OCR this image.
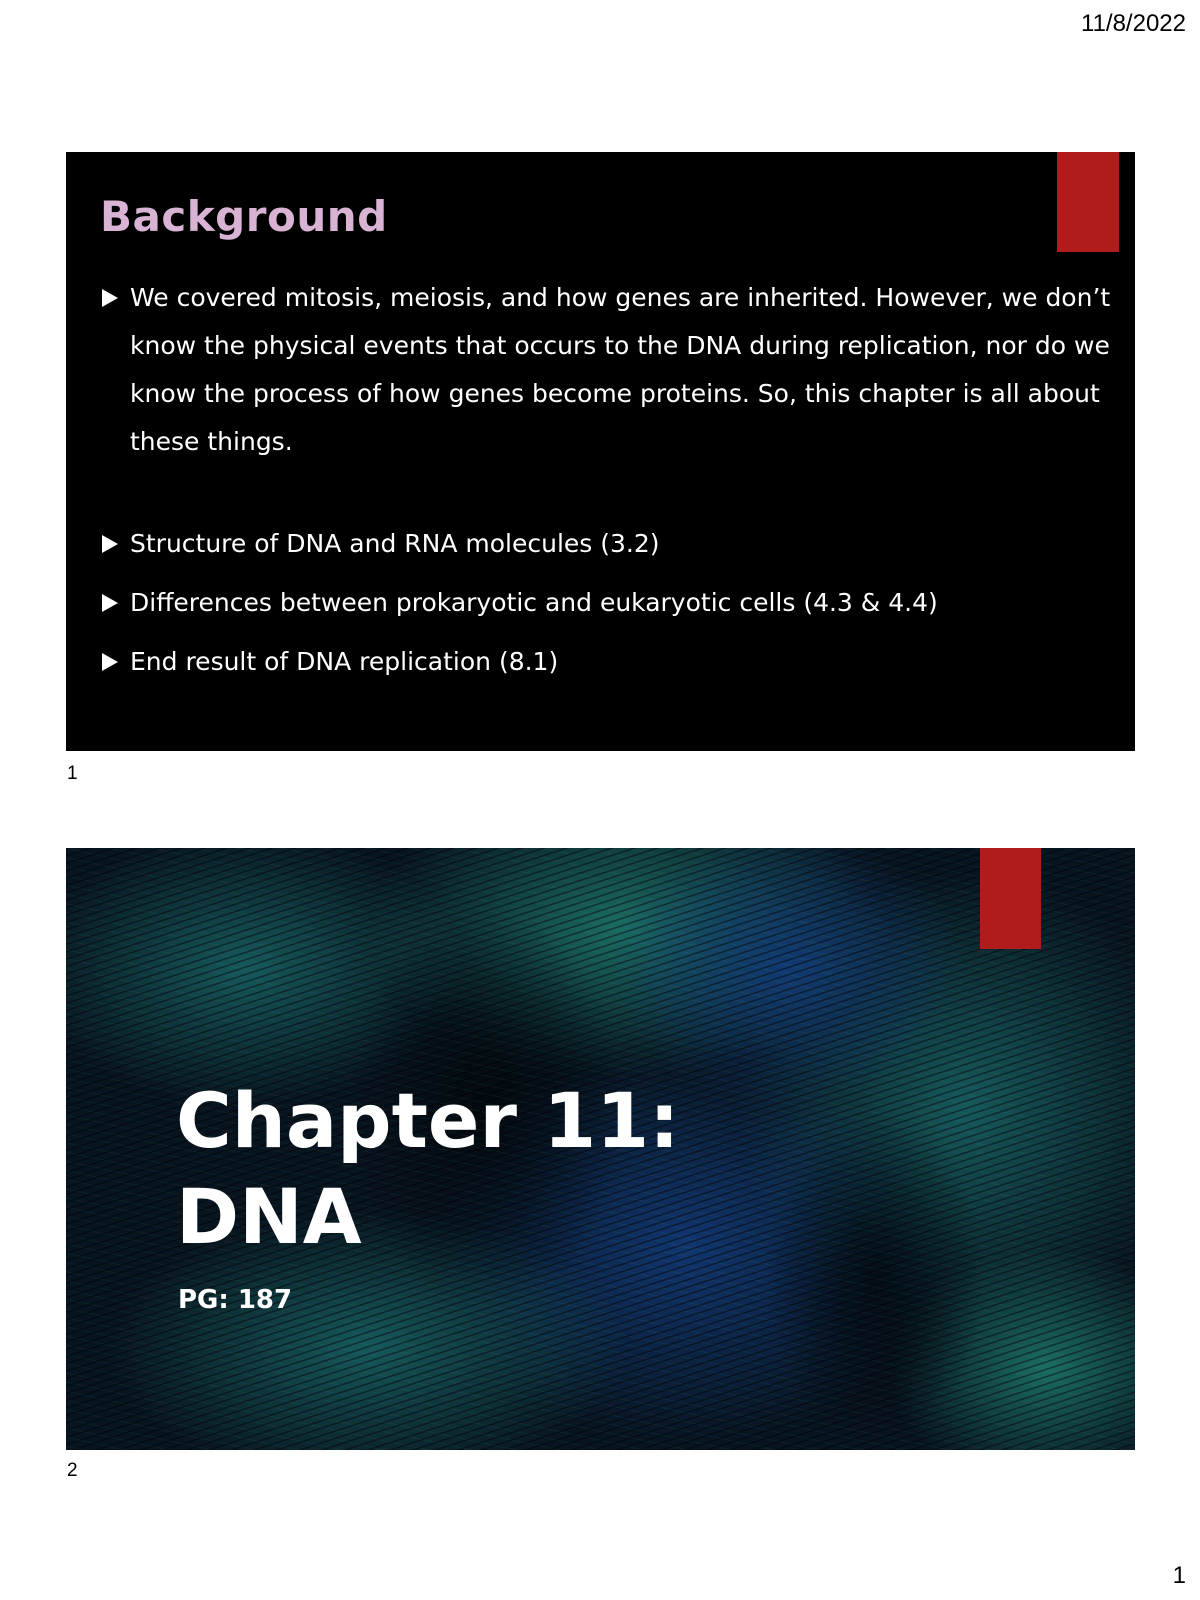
11/8/2022
Background
We covered mitosis, meiosis, and how genes are inherited. However, we don’t know the physical events that occurs to the DNA during replication, nor do we know the process of how genes become proteins. So, this chapter is all about these things.
Structure of DNA and RNA molecules (3.2)
Differences between prokaryotic and eukaryotic cells (4.3 & 4.4)
End result of DNA replication (8.1)
1
Chapter 11:
DNA
PG: 187
2
1
